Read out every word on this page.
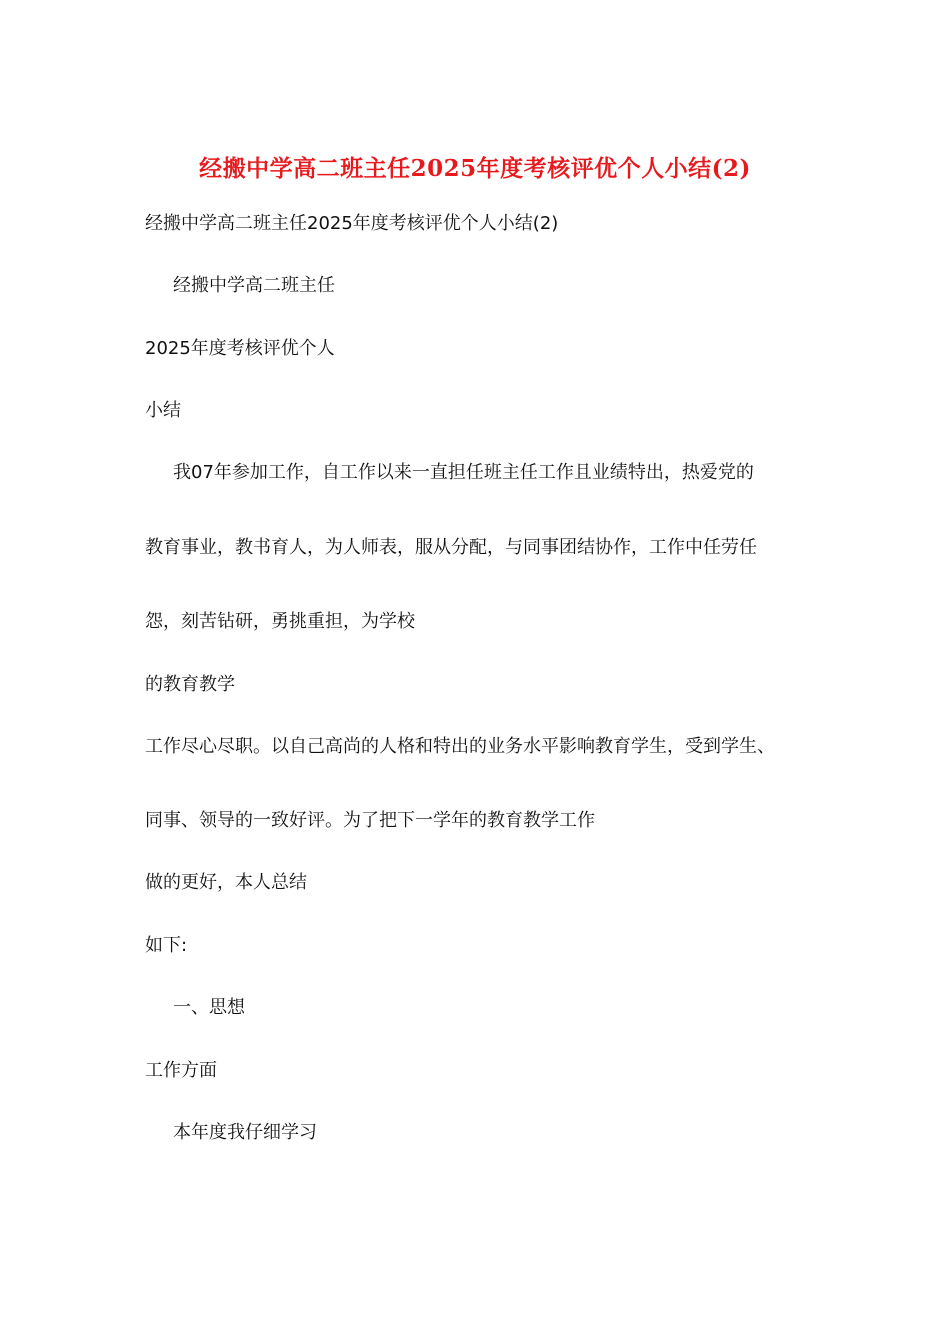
经搬中学高二班主任2025年度考核评优个人小结(2)
经搬中学高二班主任2025年度考核评优个人小结(2)
经搬中学高二班主任
2025年度考核评优个人
小结
我07年参加工作，自工作以来一直担任班主任工作且业绩特出，热爱党的
教育事业，教书育人，为人师表，服从分配，与同事团结协作，工作中任劳任
怨，刻苦钻研，勇挑重担，为学校
的教育教学
工作尽心尽职。以自己高尚的人格和特出的业务水平影响教育学生，受到学生、
同事、领导的一致好评。为了把下一学年的教育教学工作
做的更好，本人总结
如下:
一、思想
工作方面
本年度我仔细学习
